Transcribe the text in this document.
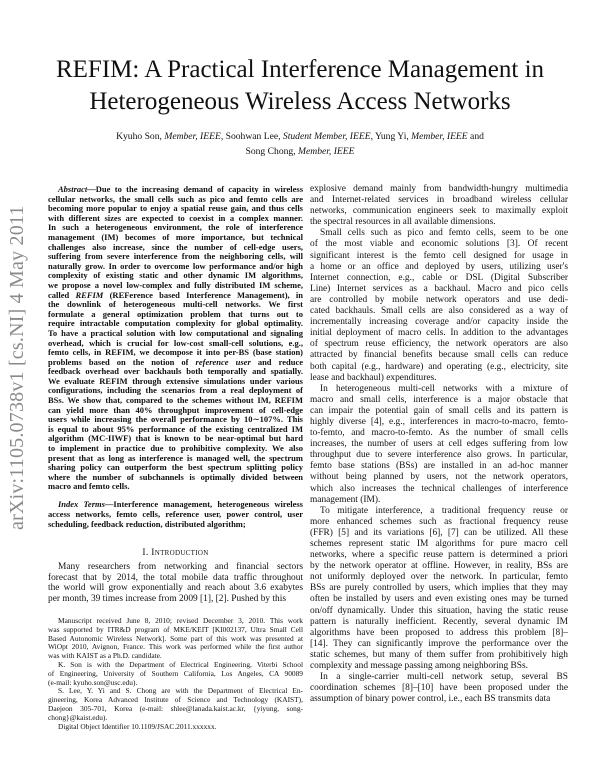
arXiv:1105.0738v1 [cs.NI] 4 May 2011
REFIM: A Practical Interference Management in
Heterogeneous Wireless Access Networks
Kyuho Son, Member, IEEE, Soohwan Lee, Student Member, IEEE, Yung Yi, Member, IEEE and
Song Chong, Member, IEEE
Abstract—Due to the increasing demand of capacity in wireless
cellular networks, the small cells such as pico and femto cells are
becoming more popular to enjoy a spatial reuse gain, and thus cells
with different sizes are expected to coexist in a complex manner.
In such a heterogeneous environment, the role of interference
management (IM) becomes of more importance, but technical
challenges also increase, since the number of cell-edge users,
suffering from severe interference from the neighboring cells, will
naturally grow. In order to overcome low performance and/or high
complexity of existing static and other dynamic IM algorithms,
we propose a novel low-complex and fully distributed IM scheme,
called REFIM (REFerence based Interference Management), in
the downlink of heterogeneous multi-cell networks. We first
formulate a general optimization problem that turns out to
require intractable computation complexity for global optimality.
To have a practical solution with low computational and signaling
overhead, which is crucial for low-cost small-cell solutions, e.g.,
femto cells, in REFIM, we decompose it into per-BS (base station)
problems based on the notion of reference user and reduce
feedback overhead over backhauls both temporally and spatially.
We evaluate REFIM through extensive simulations under various
configurations, including the scenarios from a real deployment of
BSs. We show that, compared to the schemes without IM, REFIM
can yield more than 40% throughput improvement of cell-edge
users while increasing the overall performance by 10∼107%. This
is equal to about 95% performance of the existing centralized IM
algorithm (MC-IIWF) that is known to be near-optimal but hard
to implement in practice due to prohibitive complexity. We also
present that as long as interference is managed well, the spectrum
sharing policy can outperform the best spectrum splitting policy
where the number of subchannels is optimally divided between
macro and femto cells.
Index Terms—Interference management, heterogeneous wireless
access networks, femto cells, reference user, power control, user
scheduling, feedback reduction, distributed algorithm;
I. Introduction
Many researchers from networking and financial sectors
forecast that by 2014, the total mobile data traffic throughout
the world will grow exponentially and reach about 3.6 exabytes
per month, 39 times increase from 2009 [1], [2]. Pushed by this
Manuscript received June 8, 2010; revised December 3, 2010. This work
was supported by ITR&D program of MKE/KEIT [KI002137, Ultra Small Cell
Based Autonomic Wireless Network]. Some part of this work was presented at
WiOpt 2010, Avignon, France. This work was performed while the first author
was with KAIST as a Ph.D. candidate.
K. Son is with the Department of Electrical Engineering, Viterbi School
of Engineering, University of Southern California, Los Angeles, CA 90089
(e-mail: kyuho.son@usc.edu).
S. Lee, Y. Yi and S. Chong are with the Department of Electrical En-
gineering, Korea Advanced Institute of Science and Technology (KAIST),
Daejeon 305-701, Korea (e-mail: shlee@lanada.kaist.ac.kr, {yiyung, song-
chong}@kaist.edu).
Digital Object Identifier 10.1109/JSAC.2011.xxxxxx.
explosive demand mainly from bandwidth-hungry multimedia
and Internet-related services in broadband wireless cellular
networks, communication engineers seek to maximally exploit
the spectral resources in all available dimensions.
Small cells such as pico and femto cells, seem to be one
of the most viable and economic solutions [3]. Of recent
significant interest is the femto cell designed for usage in
a home or an office and deployed by users, utilizing user's
Internet connection, e.g., cable or DSL (Digital Subscriber
Line) Internet services as a backhaul. Macro and pico cells
are controlled by mobile network operators and use dedi-
cated backhauls. Small cells are also considered as a way of
incrementally increasing coverage and/or capacity inside the
initial deployment of macro cells. In addition to the advantages
of spectrum reuse efficiency, the network operators are also
attracted by financial benefits because small cells can reduce
both capital (e.g., hardware) and operating (e.g., electricity, site
lease and backhaul) expenditures.
In heterogeneous multi-cell networks with a mixture of
macro and small cells, interference is a major obstacle that
can impair the potential gain of small cells and its pattern is
highly diverse [4], e.g., interferences in macro-to-macro, femto-
to-femto, and macro-to-femto. As the number of small cells
increases, the number of users at cell edges suffering from low
throughput due to severe interference also grows. In particular,
femto base stations (BSs) are installed in an ad-hoc manner
without being planned by users, not the network operators,
which also increases the technical challenges of interference
management (IM).
To mitigate interference, a traditional frequency reuse or
more enhanced schemes such as fractional frequency reuse
(FFR) [5] and its variations [6], [7] can be utilized. All these
schemes represent static IM algorithms for pure macro cell
networks, where a specific reuse pattern is determined a priori
by the network operator at offline. However, in reality, BSs are
not uniformly deployed over the network. In particular, femto
BSs are purely controlled by users, which implies that they may
often be installed by users and even existing ones may be turned
on/off dynamically. Under this situation, having the static reuse
pattern is naturally inefficient. Recently, several dynamic IM
algorithms have been proposed to address this problem [8]–
[14]. They can significantly improve the performance over the
static schemes, but many of them suffer from prohibitively high
complexity and message passing among neighboring BSs.
In a single-carrier multi-cell network setup, several BS
coordination schemes [8]–[10] have been proposed under the
assumption of binary power control, i.e., each BS transmits data
